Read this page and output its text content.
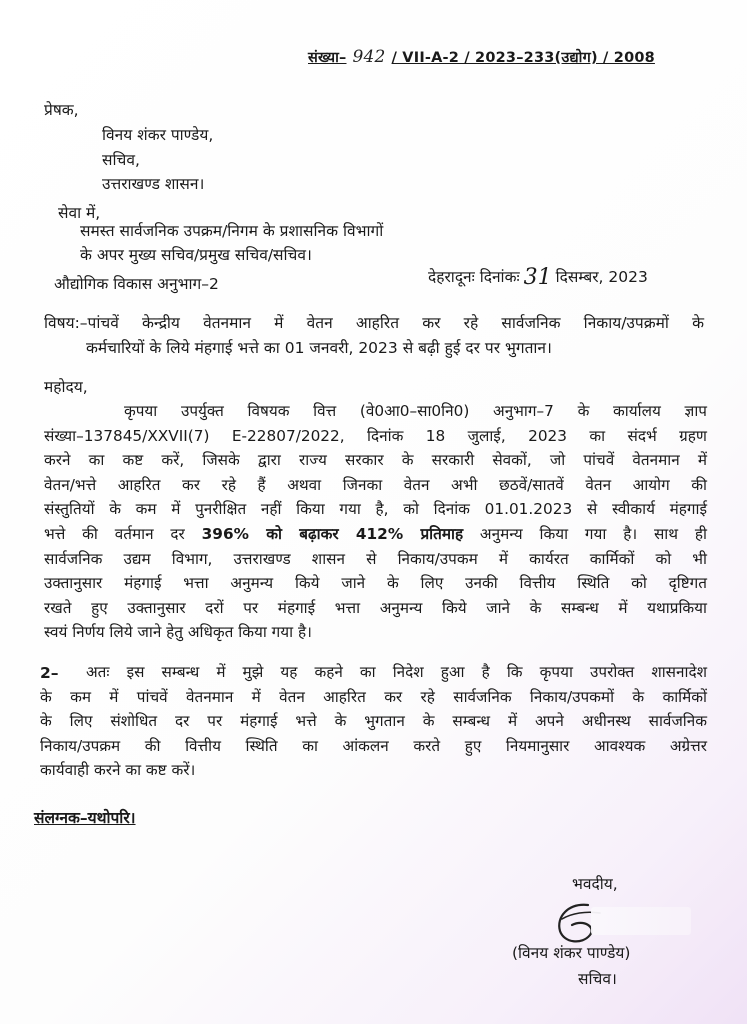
संख्या– 942 / VII-A-2 / 2023–233(उद्योग) / 2008
प्रेषक,
विनय शंकर पाण्डेय,
सचिव,
उत्तराखण्ड शासन।
सेवा में,
समस्त सार्वजनिक उपक्रम/निगम के प्रशासनिक विभागों
के अपर मुख्य सचिव/प्रमुख सचिव/सचिव।
औद्योगिक विकास अनुभाग–2	देहरादूनः दिनांकः 31 दिसम्बर, 2023
विषय:–पांचवें केन्द्रीय वेतनमान में वेतन आहरित कर रहे सार्वजनिक निकाय/उपक्रमों के
कर्मचारियों के लिये मंहगाई भत्ते का 01 जनवरी, 2023 से बढ़ी हुई दर पर भुगतान।
महोदय,
कृपया उपर्युक्त विषयक वित्त (वे0आ0–सा0नि0) अनुभाग–7 के कार्यालय ज्ञाप
संख्या–137845/XXVII(7) E-22807/2022, दिनांक 18 जुलाई, 2023 का संदर्भ ग्रहण
करने का कष्ट करें, जिसके द्वारा राज्य सरकार के सरकारी सेवकों, जो पांचवें वेतनमान में
वेतन/भत्ते आहरित कर रहे हैं अथवा जिनका वेतन अभी छठवें/सातवें वेतन आयोग की
संस्तुतियों के कम में पुनरीक्षित नहीं किया गया है, को दिनांक 01.01.2023 से स्वीकार्य मंहगाई
भत्ते की वर्तमान दर 396% को बढ़ाकर 412% प्रतिमाह अनुमन्य किया गया है। साथ ही
सार्वजनिक उद्यम विभाग, उत्तराखण्ड शासन से निकाय/उपकम में कार्यरत कार्मिकों को भी
उक्तानुसार मंहगाई भत्ता अनुमन्य किये जाने के लिए उनकी वित्तीय स्थिति को दृष्टिगत
रखते हुए उक्तानुसार दरों पर मंहगाई भत्ता अनुमन्य किये जाने के सम्बन्ध में यथाप्रकिया
स्वयं निर्णय लिये जाने हेतु अधिकृत किया गया है।
2–	अतः इस सम्बन्ध में मुझे यह कहने का निदेश हुआ है कि कृपया उपरोक्त शासनादेश
के कम में पांचवें वेतनमान में वेतन आहरित कर रहे सार्वजनिक निकाय/उपकमों के कार्मिकों
के लिए संशोधित दर पर मंहगाई भत्ते के भुगतान के सम्बन्ध में अपने अधीनस्थ सार्वजनिक
निकाय/उपक्रम की वित्तीय स्थिति का आंकलन करते हुए नियमानुसार आवश्यक अग्रेत्तर
कार्यवाही करने का कष्ट करें।
संलग्नक–यथोपरि।
भवदीय,
(विनय शंकर पाण्डेय)
सचिव।
